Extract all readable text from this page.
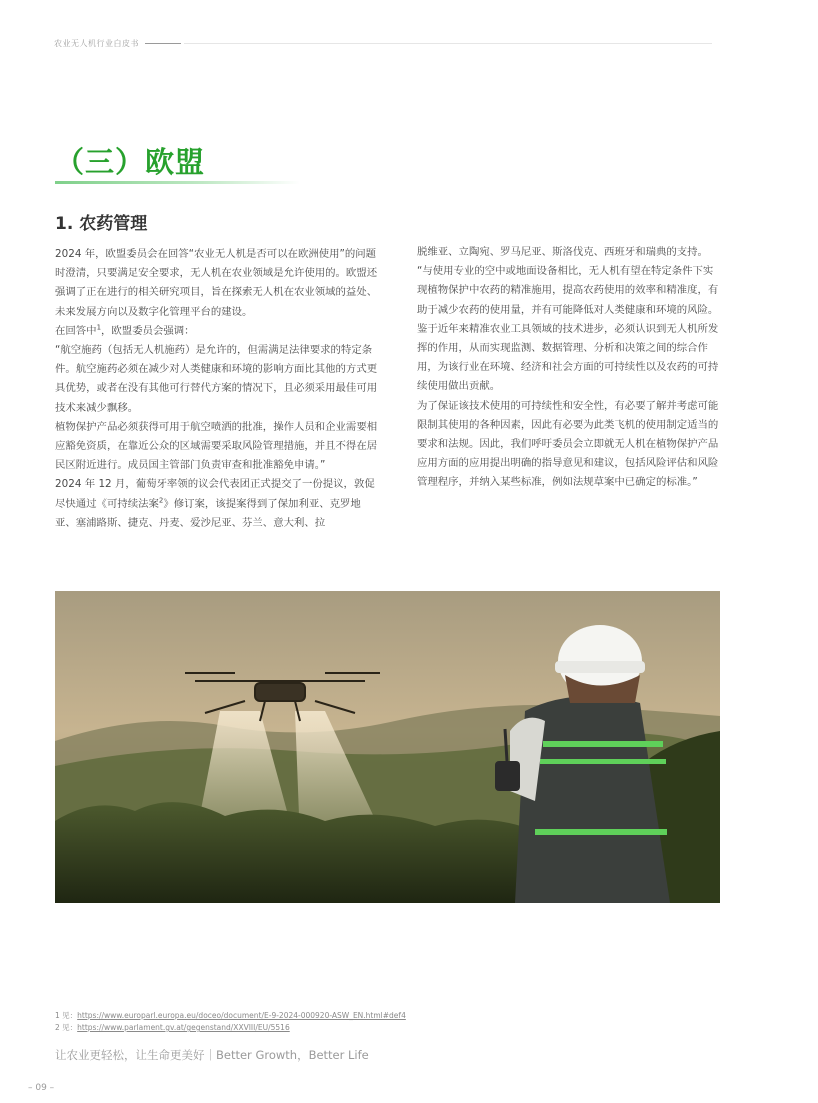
农业无人机行业白皮书
（三）欧盟
1. 农药管理

2024 年，欧盟委员会在回答“农业无人机是否可以在欧洲使用”的问题时澄清，只要满足安全要求，无人机在农业领域是允许使用的。欧盟还强调了正在进行的相关研究项目，旨在探索无人机在农业领域的益处、未来发展方向以及数字化管理平台的建设。

在回答中$^1$，欧盟委员会强调：

“航空施药（包括无人机施药）是允许的，但需满足法律要求的特定条件。航空施药必须在减少对人类健康和环境的影响方面比其他的方式更具优势，或者在没有其他可行替代方案的情况下，且必须采用最佳可用技术来减少飘移。

植物保护产品必须获得可用于航空喷洒的批准，操作人员和企业需要相应豁免资质，在靠近公众的区域需要采取风险管理措施，并且不得在居民区附近进行。成员国主管部门负责审查和批准豁免申请。”

2024 年 12 月，葡萄牙率领的议会代表团正式提交了一份提议，敦促尽快通过《可持续法案$^2$》修订案，该提案得到了保加利亚、克罗地亚、塞浦路斯、捷克、丹麦、爱沙尼亚、芬兰、意大利、拉

脱维亚、立陶宛、罗马尼亚、斯洛伐克、西班牙和瑞典的支持。

“与使用专业的空中或地面设备相比，无人机有望在特定条件下实现植物保护中农药的精准施用，提高农药使用的效率和精准度，有助于减少农药的使用量，并有可能降低对人类健康和环境的风险。

鉴于近年来精准农业工具领域的技术进步，必须认识到无人机所发挥的作用，从而实现监测、数据管理、分析和决策之间的综合作用，为该行业在环境、经济和社会方面的可持续性以及农药的可持续使用做出贡献。

为了保证该技术使用的可持续性和安全性，有必要了解并考虑可能限制其使用的各种因素，因此有必要为此类飞机的使用制定适当的要求和法规。因此，我们呼吁委员会立即就无人机在植物保护产品应用方面的应用提出明确的指导意见和建议，包括风险评估和风险管理程序，并纳入某些标准，例如法规草案中已确定的标准。”

1 见：https://www.europarl.europa.eu/doceo/document/E-9-2024-000920-ASW_EN.html#def4
2 见：https://www.parlament.gv.at/gegenstand/XXVIII/EU/5516
让农业更轻松，让生命更美好｜Better Growth，Better Life
– 09 –
